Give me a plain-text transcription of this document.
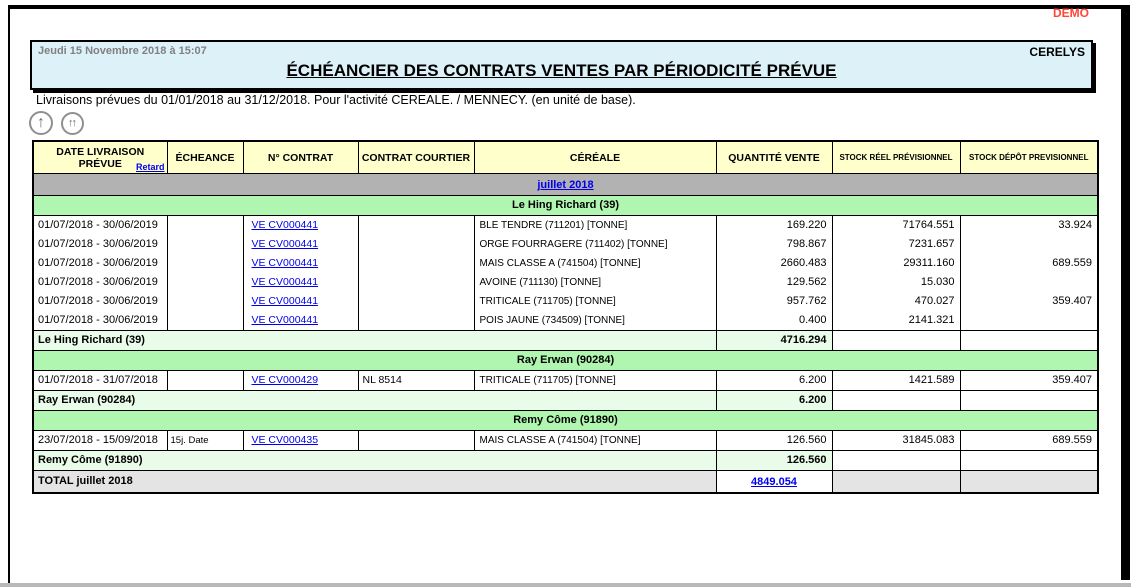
DEMO
Jeudi 15 Novembre 2018 à 15:07	CERELYS
ÉCHÉANCIER DES CONTRATS VENTES PAR PÉRIODICITÉ PRÉVUE
Livraisons prévues du 01/01/2018 au 31/12/2018. Pour l'activité CEREALE. / MENNECY. (en unité de base).
↑ ↑↑
DATE LIVRAISON PRÉVUE Retard	ÉCHEANCE	N° CONTRAT	CONTRAT COURTIER	CÉRÉALE	QUANTITÉ VENTE	STOCK RÉEL PRÉVISIONNEL	STOCK DÉPÔT PREVISIONNEL
juillet 2018							
Le Hing Richard (39)							
01/07/2018 - 30/06/2019		VE CV000441		BLE TENDRE (711201) [TONNE]	169.220	71764.551	33.924
01/07/2018 - 30/06/2019		VE CV000441		ORGE FOURRAGERE (711402) [TONNE]	798.867	7231.657	
01/07/2018 - 30/06/2019		VE CV000441		MAIS CLASSE A (741504) [TONNE]	2660.483	29311.160	689.559
01/07/2018 - 30/06/2019		VE CV000441		AVOINE (711130) [TONNE]	129.562	15.030	
01/07/2018 - 30/06/2019		VE CV000441		TRITICALE (711705) [TONNE]	957.762	470.027	359.407
01/07/2018 - 30/06/2019		VE CV000441		POIS JAUNE (734509) [TONNE]	0.400	2141.321	
Le Hing Richard (39)					4716.294		
Ray Erwan (90284)							
01/07/2018 - 31/07/2018		VE CV000429	NL 8514	TRITICALE (711705) [TONNE]	6.200	1421.589	359.407
Ray Erwan (90284)					6.200		
Remy Côme (91890)							
23/07/2018 - 15/09/2018	15j. Date	VE CV000435		MAIS CLASSE A (741504) [TONNE]	126.560	31845.083	689.559
Remy Côme (91890)					126.560		
TOTAL juillet 2018					4849.054		
